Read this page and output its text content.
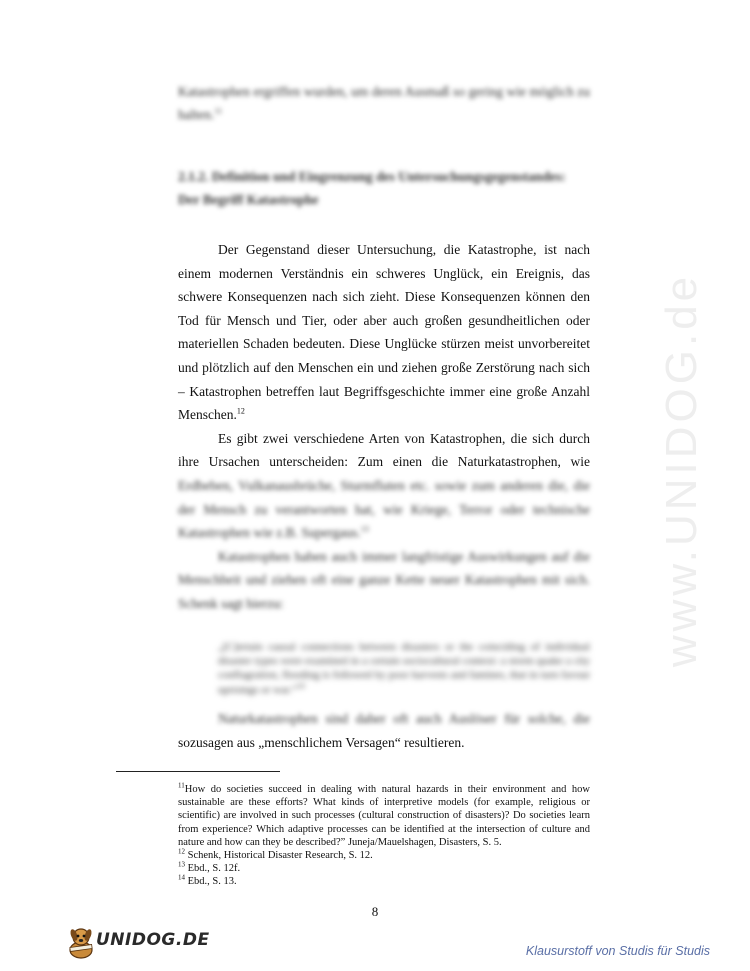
www.UNIDOG.de
Katastrophen ergriffen wurden, um deren Ausmaß so gering wie möglich zu halten.$^{11}$
2.1.2. Definition und Eingrenzung des Untersuchungsgegenstandes: Der Begriff Katastrophe

Der Gegenstand dieser Untersuchung, die Katastrophe, ist nach einem modernen Verständnis ein schweres Unglück, ein Ereignis, das schwere Konsequenzen nach sich zieht. Diese Konsequenzen können den Tod für Mensch und Tier, oder aber auch großen gesundheitlichen oder materiellen Schaden bedeuten. Diese Unglücke stürzen meist unvorbereitet und plötzlich auf den Menschen ein und ziehen große Zerstörung nach sich – Katastrophen betreffen laut Begriffsgeschichte immer eine große Anzahl Menschen.$^{12}$

Es gibt zwei verschiedene Arten von Katastrophen, die sich durch ihre Ursachen unterscheiden: Zum einen die Naturkatastrophen, wie

Erdbeben, Vulkanausbrüche, Sturmfluten etc. sowie zum anderen die, die der Mensch zu verantworten hat, wie Kriege, Terror oder technische Katastrophen wie z.B. Supergaus.$^{13}$

Katastrophen haben auch immer langfristige Auswirkungen auf die Menschheit und ziehen oft eine ganze Kette neuer Katastrophen mit sich. Schenk sagt hierzu:

„[C]ertain causal connections between disasters or the coinciding of individual disaster types were examined in a certain sociocultural context: a storm quake a city conflagration, flooding is followed by poor harvests and famines, that in turn favour uprisings or war.“$^{14}$

Naturkatastrophen sind daher oft auch Auslöser für solche, die

sozusagen aus „menschlichem Versagen“ resultieren.

$^{11}$How do societies succeed in dealing with natural hazards in their environment and how sustainable are these efforts? What kinds of interpretive models (for example, religious or scientific) are involved in such processes (cultural construction of disasters)? Do societies learn from experience? Which adaptive processes can be identified at the intersection of culture and nature and how can they be described?” Juneja/Mauelshagen, Disasters, S. 5.

$^{12}$ Schenk, Historical Disaster Research, S. 12.

$^{13}$ Ebd., S. 12f.

$^{14}$ Ebd., S. 13.

8
UNIDOG.DE
Klausurstoff von Studis für Studis
